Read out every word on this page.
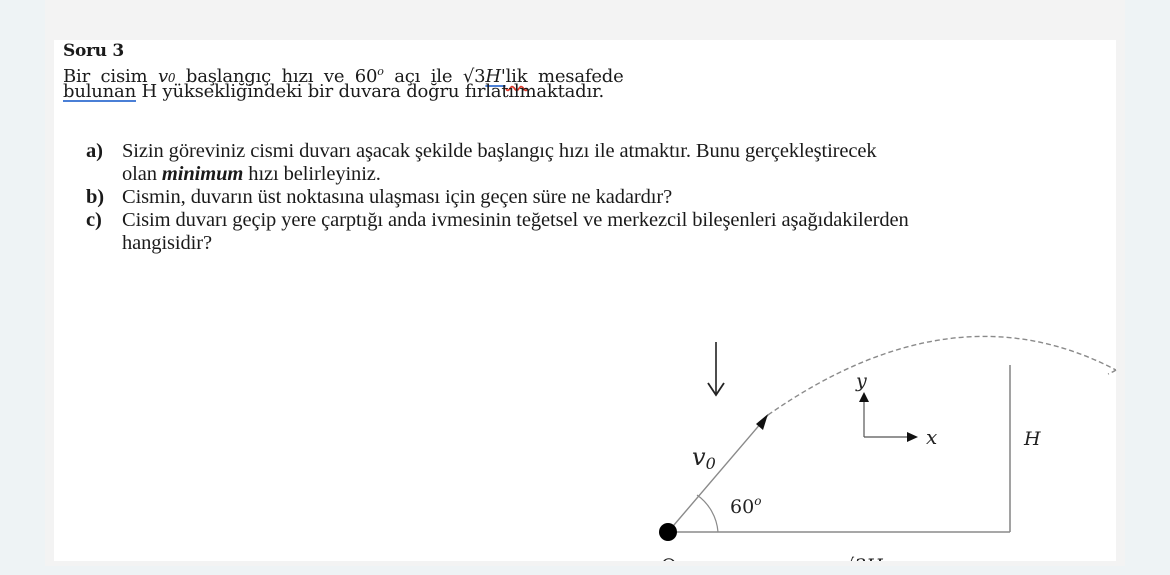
Soru 3
Bir cisim v0 başlangıç hızı ve 60$^o$ açı ile √3H'lik mesafede
bulunan H yüksekliğindeki bir duvara doğru fırlatılmaktadır.
a) Sizin göreviniz cismi duvarı aşacak şekilde başlangıç hızı ile atmaktır. Bunu gerçekleştirecek
olan minimum hızı belirleyiniz.
b) Cismin, duvarın üst noktasına ulaşması için geçen süre ne kadardır?
c) Cisim duvarı geçip yere çarptığı anda ivmesinin teğetsel ve merkezcil bileşenleri aşağıdakilerden
hangisidir?
v0
60$^o$
y
x	H
